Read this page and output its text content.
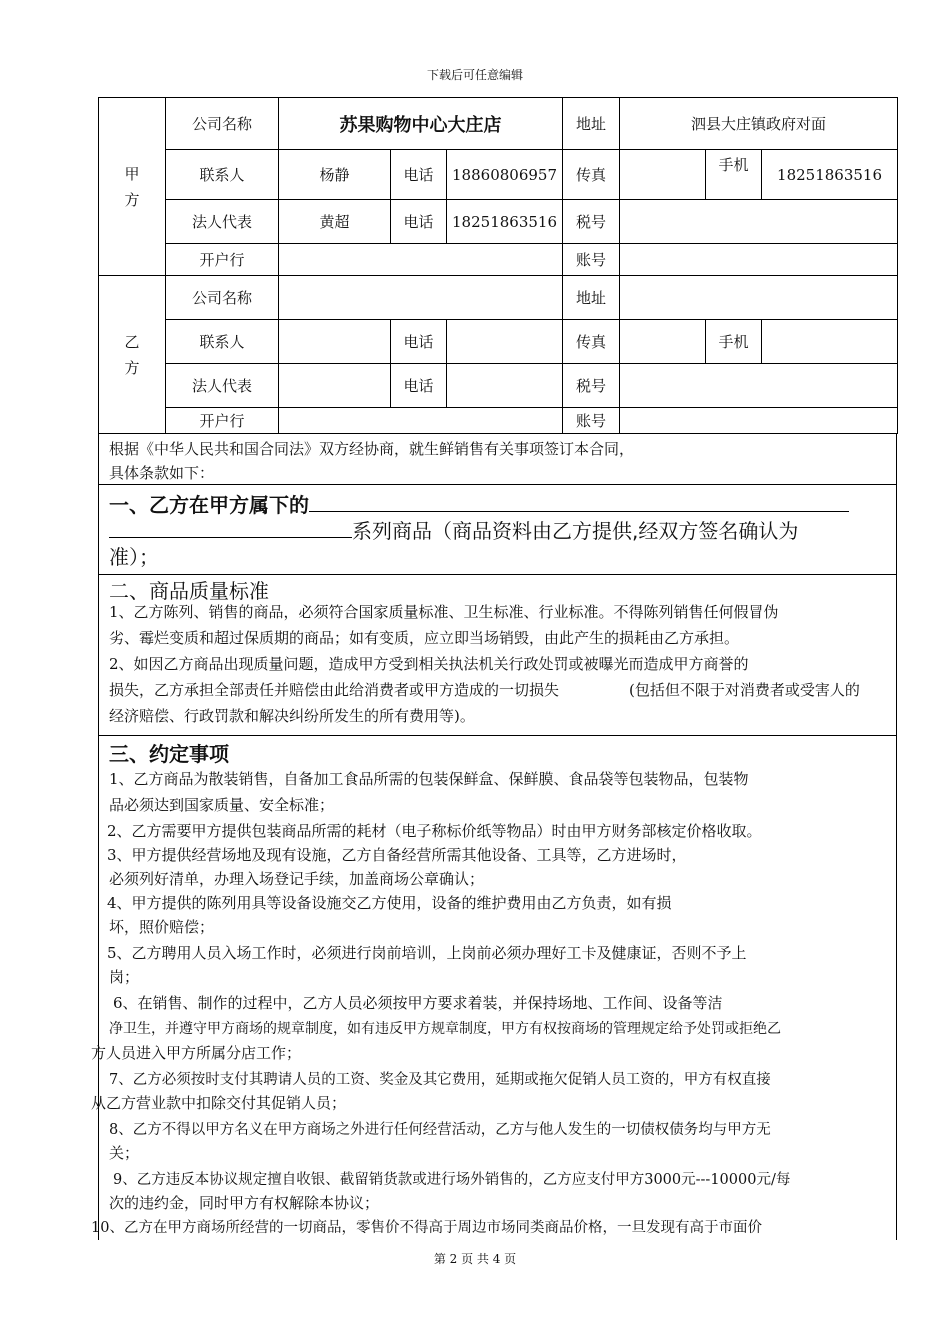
下载后可任意编辑
甲方	公司名称	苏果购物中心大庄店			地址	泗县大庄镇政府对面		
	联系人	杨静	电话	18860806957	传真		手机	18251863516
	法人代表	黄超	电话	18251863516	税号			
	开户行				账号			
乙方	公司名称				地址			
	联系人		电话		传真		手机	
	法人代表		电话		税号			
	开户行				账号			
根据《中华人民共和国合同法》双方经协商，就生鲜销售有关事项签订本合同，
具体条款如下：
一、乙方在甲方属下的
系列商品（商品资料由乙方提供,经双方签名确认为
准）；
二、商品质量标准
1、乙方陈列、销售的商品，必须符合国家质量标准、卫生标准、行业标准。不得陈列销售任何假冒伪
劣、霉烂变质和超过保质期的商品；如有变质，应立即当场销毁，由此产生的损耗由乙方承担。
2、如因乙方商品出现质量问题，造成甲方受到相关执法机关行政处罚或被曝光而造成甲方商誉的
损失，乙方承担全部责任并赔偿由此给消费者或甲方造成的一切损失	(包括但不限于对消费者或受害人的
经济赔偿、行政罚款和解决纠纷所发生的所有费用等)。
三、约定事项
1、乙方商品为散装销售，自备加工食品所需的包装保鲜盒、保鲜膜、食品袋等包装物品，包装物
品必须达到国家质量、安全标准；
2、乙方需要甲方提供包装商品所需的耗材（电子称标价纸等物品）时由甲方财务部核定价格收取。
3、甲方提供经营场地及现有设施，乙方自备经营所需其他设备、工具等，乙方进场时，
必须列好清单，办理入场登记手续，加盖商场公章确认；
4、甲方提供的陈列用具等设备设施交乙方使用，设备的维护费用由乙方负责，如有损
坏，照价赔偿；
5、乙方聘用人员入场工作时，必须进行岗前培训，上岗前必须办理好工卡及健康证，否则不予上
岗；
6、在销售、制作的过程中，乙方人员必须按甲方要求着装，并保持场地、工作间、设备等洁
净卫生，并遵守甲方商场的规章制度，如有违反甲方规章制度，甲方有权按商场的管理规定给予处罚或拒绝乙
方人员进入甲方所属分店工作；
7、乙方必须按时支付其聘请人员的工资、奖金及其它费用，延期或拖欠促销人员工资的，甲方有权直接
从乙方营业款中扣除交付其促销人员；
8、乙方不得以甲方名义在甲方商场之外进行任何经营活动，乙方与他人发生的一切债权债务均与甲方无
关；
9、乙方违反本协议规定擅自收银、截留销货款或进行场外销售的，乙方应支付甲方3000元---10000元/每
次的违约金，同时甲方有权解除本协议；
10、乙方在甲方商场所经营的一切商品，零售价不得高于周边市场同类商品价格，一旦发现有高于市面价
第 2 页 共 4 页
